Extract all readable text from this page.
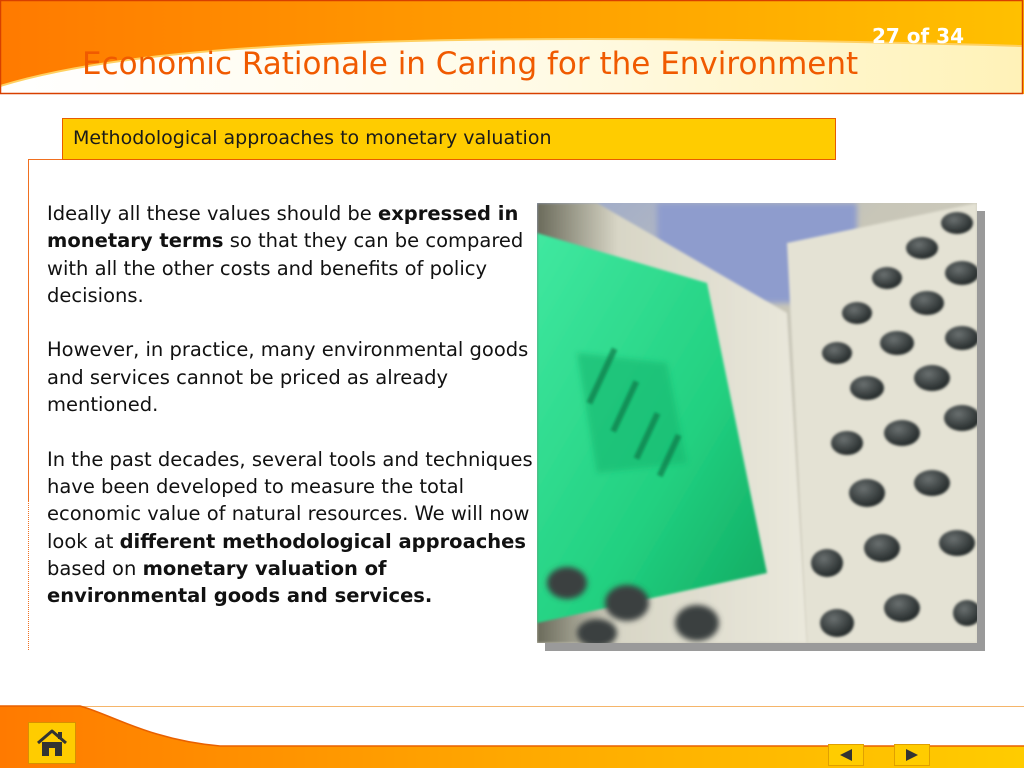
27 of 34
Economic Rationale in Caring for the Environment
Methodological approaches to monetary valuation

Ideally all these values should be expressed in monetary terms so that they can be compared with all the other costs and benefits of policy decisions.

However, in practice, many environmental goods and services cannot be priced as already mentioned.

In the past decades, several tools and techniques have been developed to measure the total economic value of natural resources. We will now look at different methodological approaches based on monetary valuation of environmental goods and services.
